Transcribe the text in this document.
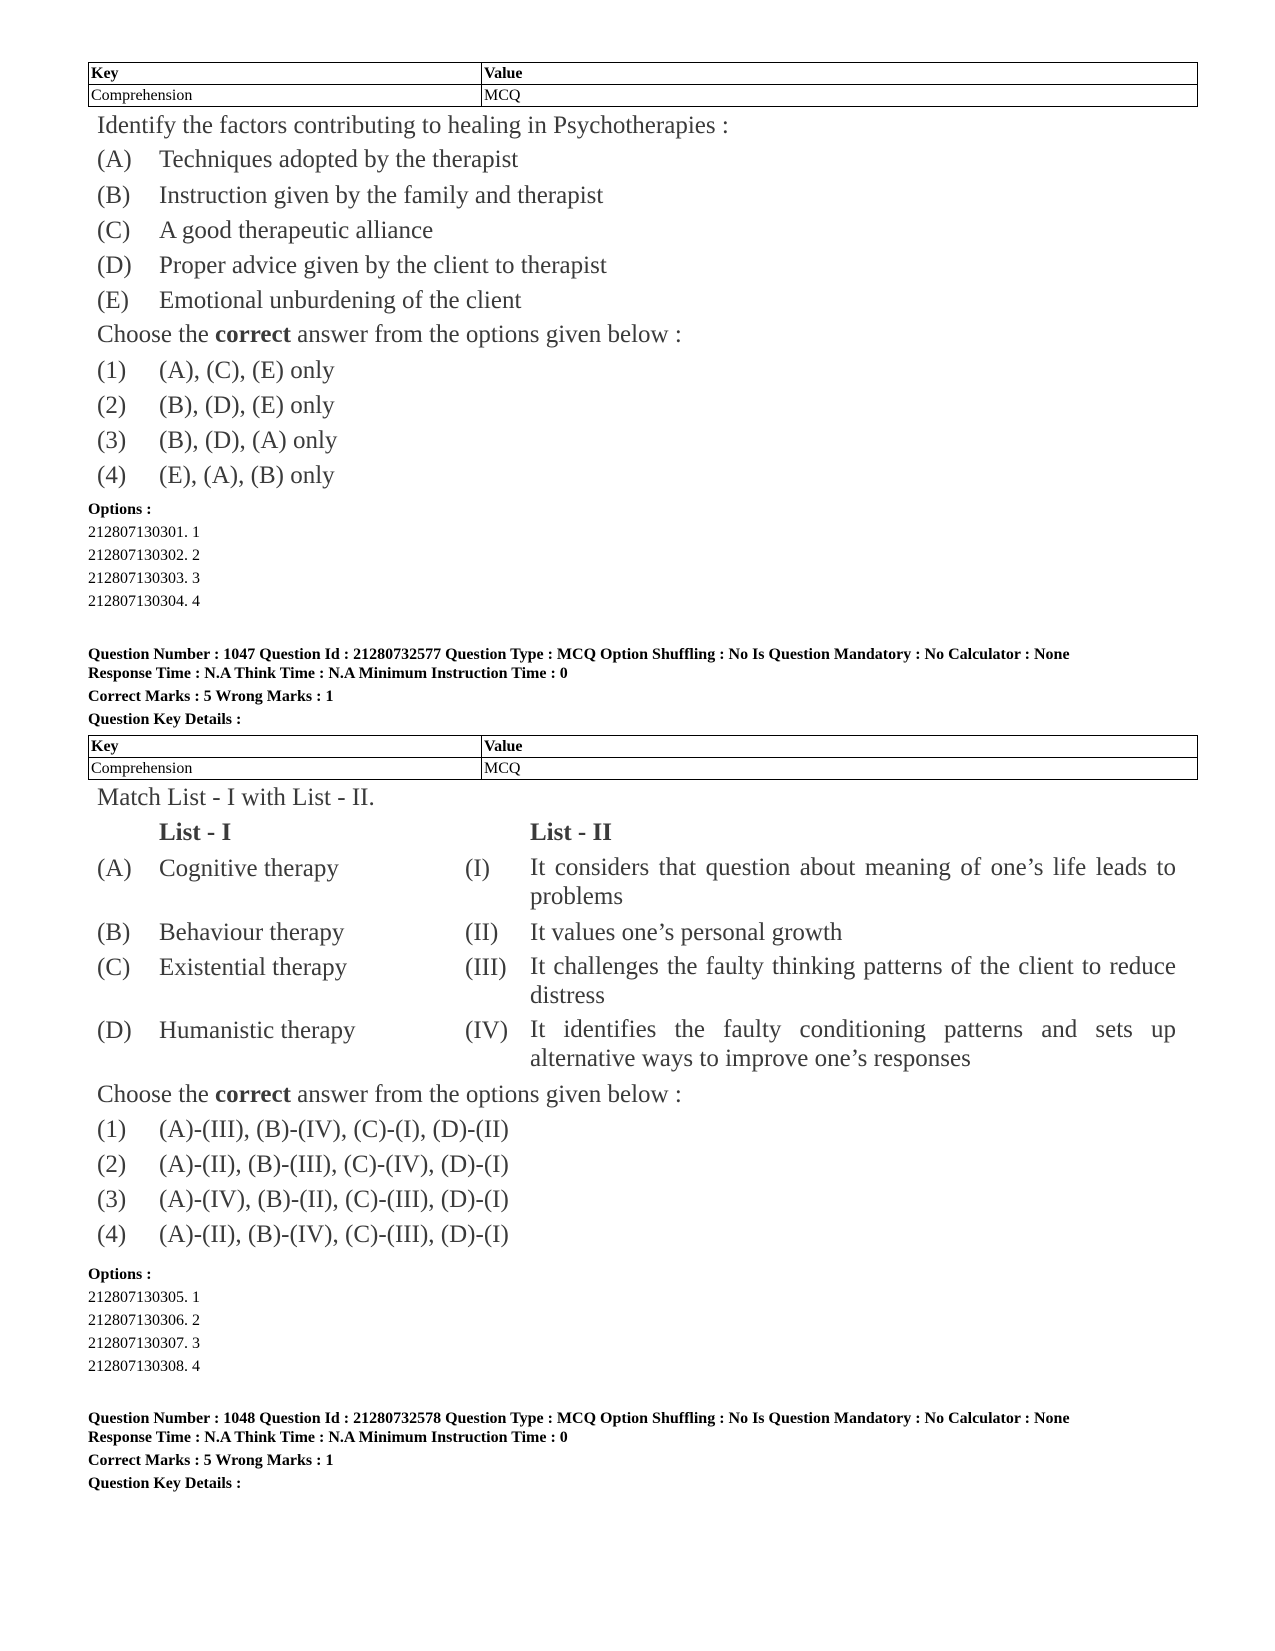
Key	Value
Comprehension	MCQ
Identify the factors contributing to healing in Psychotherapies :
(A) Techniques adopted by the therapist
(B) Instruction given by the family and therapist
(C) A good therapeutic alliance
(D) Proper advice given by the client to therapist
(E) Emotional unburdening of the client
Choose the correct answer from the options given below :
(1) (A), (C), (E) only
(2) (B), (D), (E) only
(3) (B), (D), (A) only
(4) (E), (A), (B) only
Options :
212807130301. 1
212807130302. 2
212807130303. 3
212807130304. 4
Question Number : 1047 Question Id : 21280732577 Question Type : MCQ Option Shuffling : No Is Question Mandatory : No Calculator : None
Response Time : N.A Think Time : N.A Minimum Instruction Time : 0
Correct Marks : 5 Wrong Marks : 1
Question Key Details :
Key	Value
Comprehension	MCQ
Match List - I with List - II.
List - I	List - II
(A) Cognitive therapy	(I) It considers that question about meaning of one’s life leads to problems
(B) Behaviour therapy	(II) It values one’s personal growth
(C) Existential therapy	(III) It challenges the faulty thinking patterns of the client to reduce distress
(D) Humanistic therapy	(IV) It identifies the faulty conditioning patterns and sets up alternative ways to improve one’s responses
Choose the correct answer from the options given below :
(1) (A)-(III), (B)-(IV), (C)-(I), (D)-(II)
(2) (A)-(II), (B)-(III), (C)-(IV), (D)-(I)
(3) (A)-(IV), (B)-(II), (C)-(III), (D)-(I)
(4) (A)-(II), (B)-(IV), (C)-(III), (D)-(I)
Options :
212807130305. 1
212807130306. 2
212807130307. 3
212807130308. 4
Question Number : 1048 Question Id : 21280732578 Question Type : MCQ Option Shuffling : No Is Question Mandatory : No Calculator : None
Response Time : N.A Think Time : N.A Minimum Instruction Time : 0
Correct Marks : 5 Wrong Marks : 1
Question Key Details :
